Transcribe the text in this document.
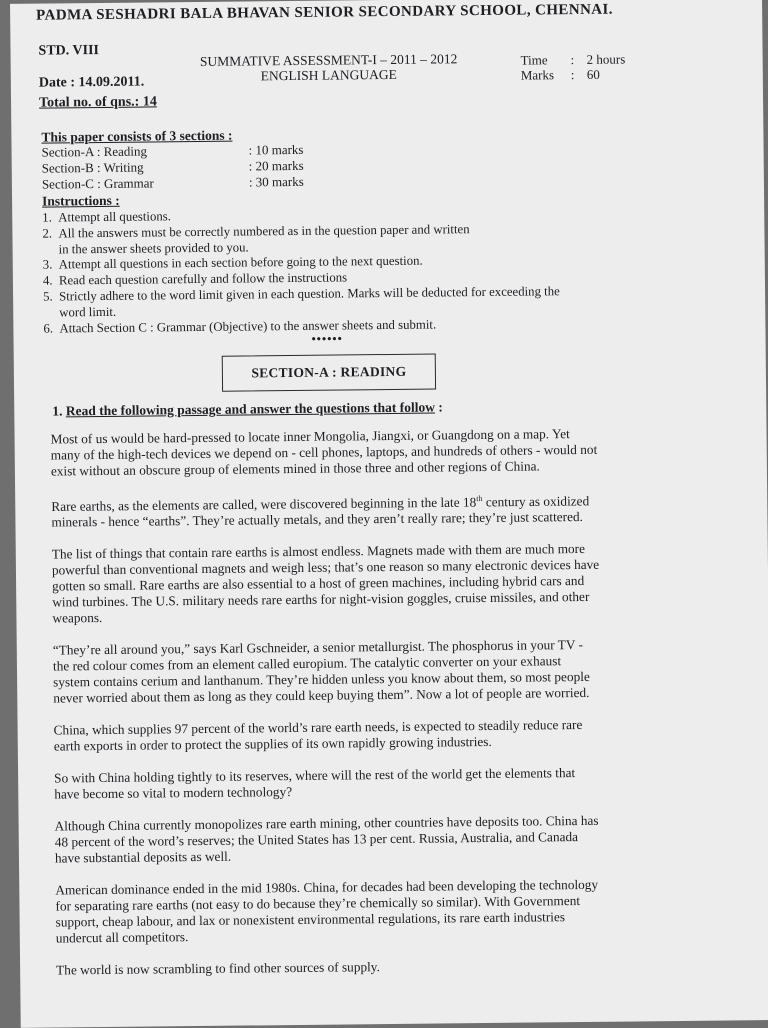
PADMA SESHADRI BALA BHAVAN SENIOR SECONDARY SCHOOL, CHENNAI.
STD. VIII
SUMMATIVE ASSESSMENT-I – 2011 – 2012
ENGLISH LANGUAGE
Time	: 2 hours
Marks	: 60
Date : 14.09.2011.
Total no. of qns.: 14
This paper consists of 3 sections :
Section-A : Reading	: 10 marks
Section-B : Writing	: 20 marks
Section-C : Grammar	: 30 marks
Instructions :
1. Attempt all questions.
2. All the answers must be correctly numbered as in the question paper and written
in the answer sheets provided to you.
3. Attempt all questions in each section before going to the next question.
4. Read each question carefully and follow the instructions
5. Strictly adhere to the word limit given in each question. Marks will be deducted for exceeding the
word limit.
6. Attach Section C : Grammar (Objective) to the answer sheets and submit.
••••••
SECTION-A : READING
1. Read the following passage and answer the questions that follow :

Most of us would be hard-pressed to locate inner Mongolia, Jiangxi, or Guangdong on a map. Yet

many of the high-tech devices we depend on - cell phones, laptops, and hundreds of others - would not

exist without an obscure group of elements mined in those three and other regions of China.

Rare earths, as the elements are called, were discovered beginning in the late 18th century as oxidized

minerals - hence “earths”. They’re actually metals, and they aren’t really rare; they’re just scattered.

The list of things that contain rare earths is almost endless. Magnets made with them are much more

powerful than conventional magnets and weigh less; that’s one reason so many electronic devices have

gotten so small. Rare earths are also essential to a host of green machines, including hybrid cars and

wind turbines. The U.S. military needs rare earths for night-vision goggles, cruise missiles, and other

weapons.

“They’re all around you,” says Karl Gschneider, a senior metallurgist. The phosphorus in your TV -

the red colour comes from an element called europium. The catalytic converter on your exhaust

system contains cerium and lanthanum. They’re hidden unless you know about them, so most people

never worried about them as long as they could keep buying them”. Now a lot of people are worried.

China, which supplies 97 percent of the world’s rare earth needs, is expected to steadily reduce rare

earth exports in order to protect the supplies of its own rapidly growing industries.

So with China holding tightly to its reserves, where will the rest of the world get the elements that

have become so vital to modern technology?

Although China currently monopolizes rare earth mining, other countries have deposits too. China has

48 percent of the word’s reserves; the United States has 13 per cent. Russia, Australia, and Canada

have substantial deposits as well.

American dominance ended in the mid 1980s. China, for decades had been developing the technology

for separating rare earths (not easy to do because they’re chemically so similar). With Government

support, cheap labour, and lax or nonexistent environmental regulations, its rare earth industries

undercut all competitors.

The world is now scrambling to find other sources of supply.
